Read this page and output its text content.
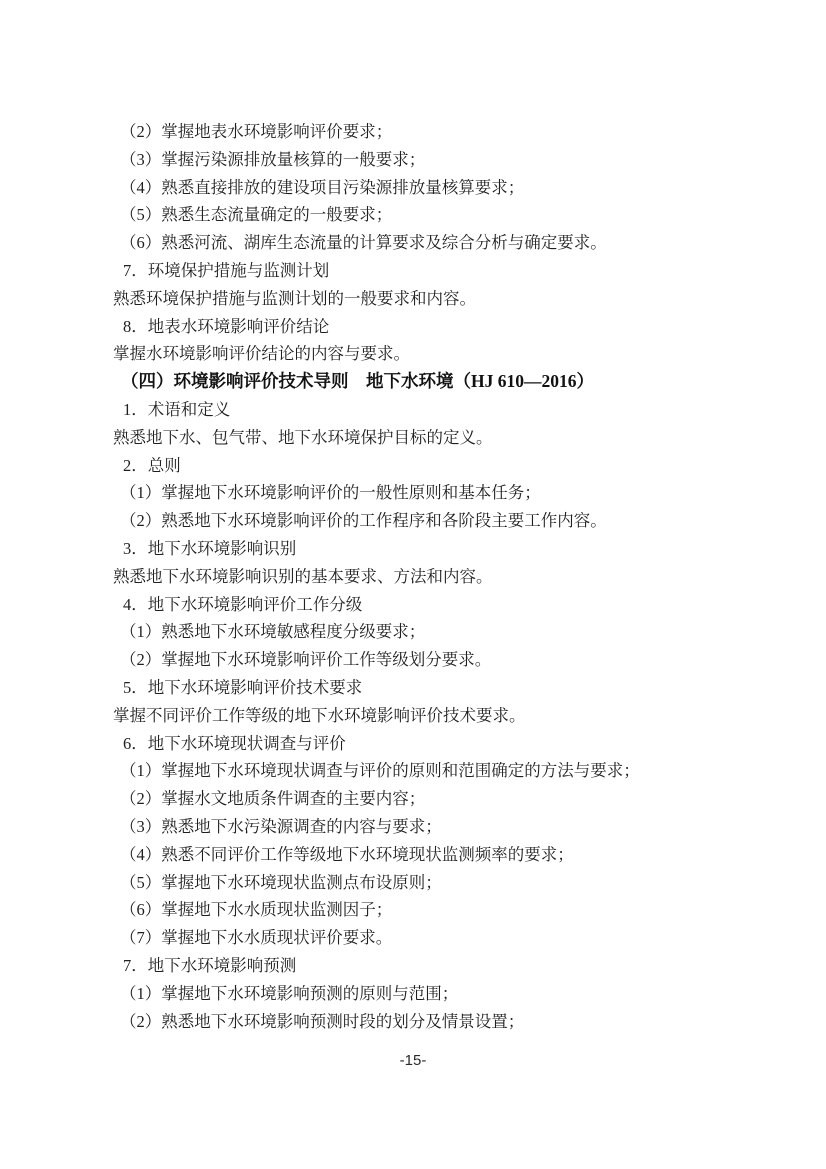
（2）掌握地表水环境影响评价要求；
（3）掌握污染源排放量核算的一般要求；
（4）熟悉直接排放的建设项目污染源排放量核算要求；
（5）熟悉生态流量确定的一般要求；
（6）熟悉河流、湖库生态流量的计算要求及综合分析与确定要求。
7．环境保护措施与监测计划
熟悉环境保护措施与监测计划的一般要求和内容。
8．地表水环境影响评价结论
掌握水环境影响评价结论的内容与要求。
（四）环境影响评价技术导则　地下水环境（HJ 610—2016）
1．术语和定义
熟悉地下水、包气带、地下水环境保护目标的定义。
2．总则
（1）掌握地下水环境影响评价的一般性原则和基本任务；
（2）熟悉地下水环境影响评价的工作程序和各阶段主要工作内容。
3．地下水环境影响识别
熟悉地下水环境影响识别的基本要求、方法和内容。
4．地下水环境影响评价工作分级
（1）熟悉地下水环境敏感程度分级要求；
（2）掌握地下水环境影响评价工作等级划分要求。
5．地下水环境影响评价技术要求
掌握不同评价工作等级的地下水环境影响评价技术要求。
6．地下水环境现状调查与评价
（1）掌握地下水环境现状调查与评价的原则和范围确定的方法与要求；
（2）掌握水文地质条件调查的主要内容；
（3）熟悉地下水污染源调查的内容与要求；
（4）熟悉不同评价工作等级地下水环境现状监测频率的要求；
（5）掌握地下水环境现状监测点布设原则；
（6）掌握地下水水质现状监测因子；
（7）掌握地下水水质现状评价要求。
7．地下水环境影响预测
（1）掌握地下水环境影响预测的原则与范围；
（2）熟悉地下水环境影响预测时段的划分及情景设置；
-15-
